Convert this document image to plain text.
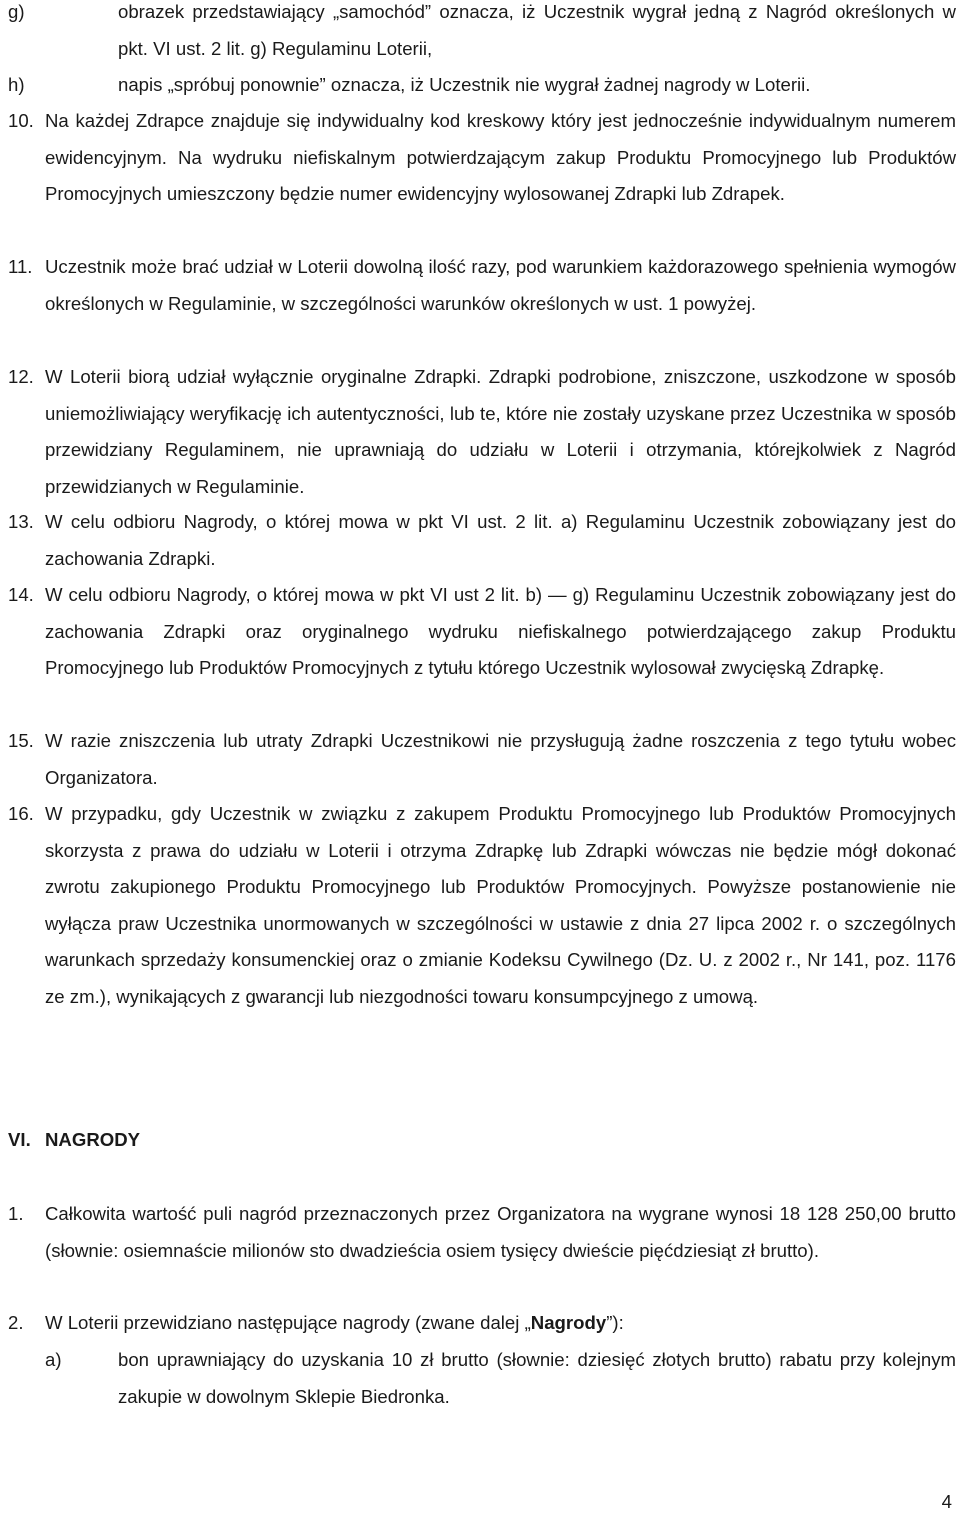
g)	obrazek przedstawiający „samochód” oznacza, iż Uczestnik wygrał jedną z Nagród określonych w pkt. VI ust. 2 lit. g) Regulaminu Loterii,
h)	napis „spróbuj ponownie” oznacza, iż Uczestnik nie wygrał żadnej nagrody w Loterii.
10. Na każdej Zdrapce znajduje się indywidualny kod kreskowy który jest jednocześnie indywidualnym numerem ewidencyjnym. Na wydruku niefiskalnym potwierdzającym zakup Produktu Promocyjnego lub Produktów Promocyjnych umieszczony będzie numer ewidencyjny wylosowanej Zdrapki lub Zdrapek.
11. Uczestnik może brać udział w Loterii dowolną ilość razy, pod warunkiem każdorazowego spełnienia wymogów określonych w Regulaminie, w szczególności warunków określonych w ust. 1 powyżej.
12. W Loterii biorą udział wyłącznie oryginalne Zdrapki. Zdrapki podrobione, zniszczone, uszkodzone w sposób uniemożliwiający weryfikację ich autentyczności, lub te, które nie zostały uzyskane przez Uczestnika w sposób przewidziany Regulaminem, nie uprawniają do udziału w Loterii i otrzymania, którejkolwiek z Nagród przewidzianych w Regulaminie.
13. W celu odbioru Nagrody, o której mowa w pkt VI ust. 2 lit. a) Regulaminu Uczestnik zobowiązany jest do zachowania Zdrapki.
14. W celu odbioru Nagrody, o której mowa w pkt VI ust 2 lit. b) — g) Regulaminu Uczestnik zobowiązany jest do zachowania Zdrapki oraz oryginalnego wydruku niefiskalnego potwierdzającego zakup Produktu Promocyjnego lub Produktów Promocyjnych z tytułu którego Uczestnik wylosował zwycięską Zdrapkę.
15. W razie zniszczenia lub utraty Zdrapki Uczestnikowi nie przysługują żadne roszczenia z tego tytułu wobec Organizatora.
16. W przypadku, gdy Uczestnik w związku z zakupem Produktu Promocyjnego lub Produktów Promocyjnych skorzysta z prawa do udziału w Loterii i otrzyma Zdrapkę lub Zdrapki wówczas nie będzie mógł dokonać zwrotu zakupionego Produktu Promocyjnego lub Produktów Promocyjnych. Powyższe postanowienie nie wyłącza praw Uczestnika unormowanych w szczególności w ustawie z dnia 27 lipca 2002 r. o szczególnych warunkach sprzedaży konsumenckiej oraz o zmianie Kodeksu Cywilnego (Dz. U. z 2002 r., Nr 141, poz. 1176 ze zm.), wynikających z gwarancji lub niezgodności towaru konsumpcyjnego z umową.
VI. NAGRODY
1. Całkowita wartość puli nagród przeznaczonych przez Organizatora na wygrane wynosi 18 128 250,00 brutto (słownie: osiemnaście milionów sto dwadzieścia osiem tysięcy dwieście pięćdziesiąt zł brutto).
2. W Loterii przewidziano następujące nagrody (zwane dalej „Nagrody”):
a)	bon uprawniający do uzyskania 10 zł brutto (słownie: dziesięć złotych brutto) rabatu przy kolejnym zakupie w dowolnym Sklepie Biedronka.
4
